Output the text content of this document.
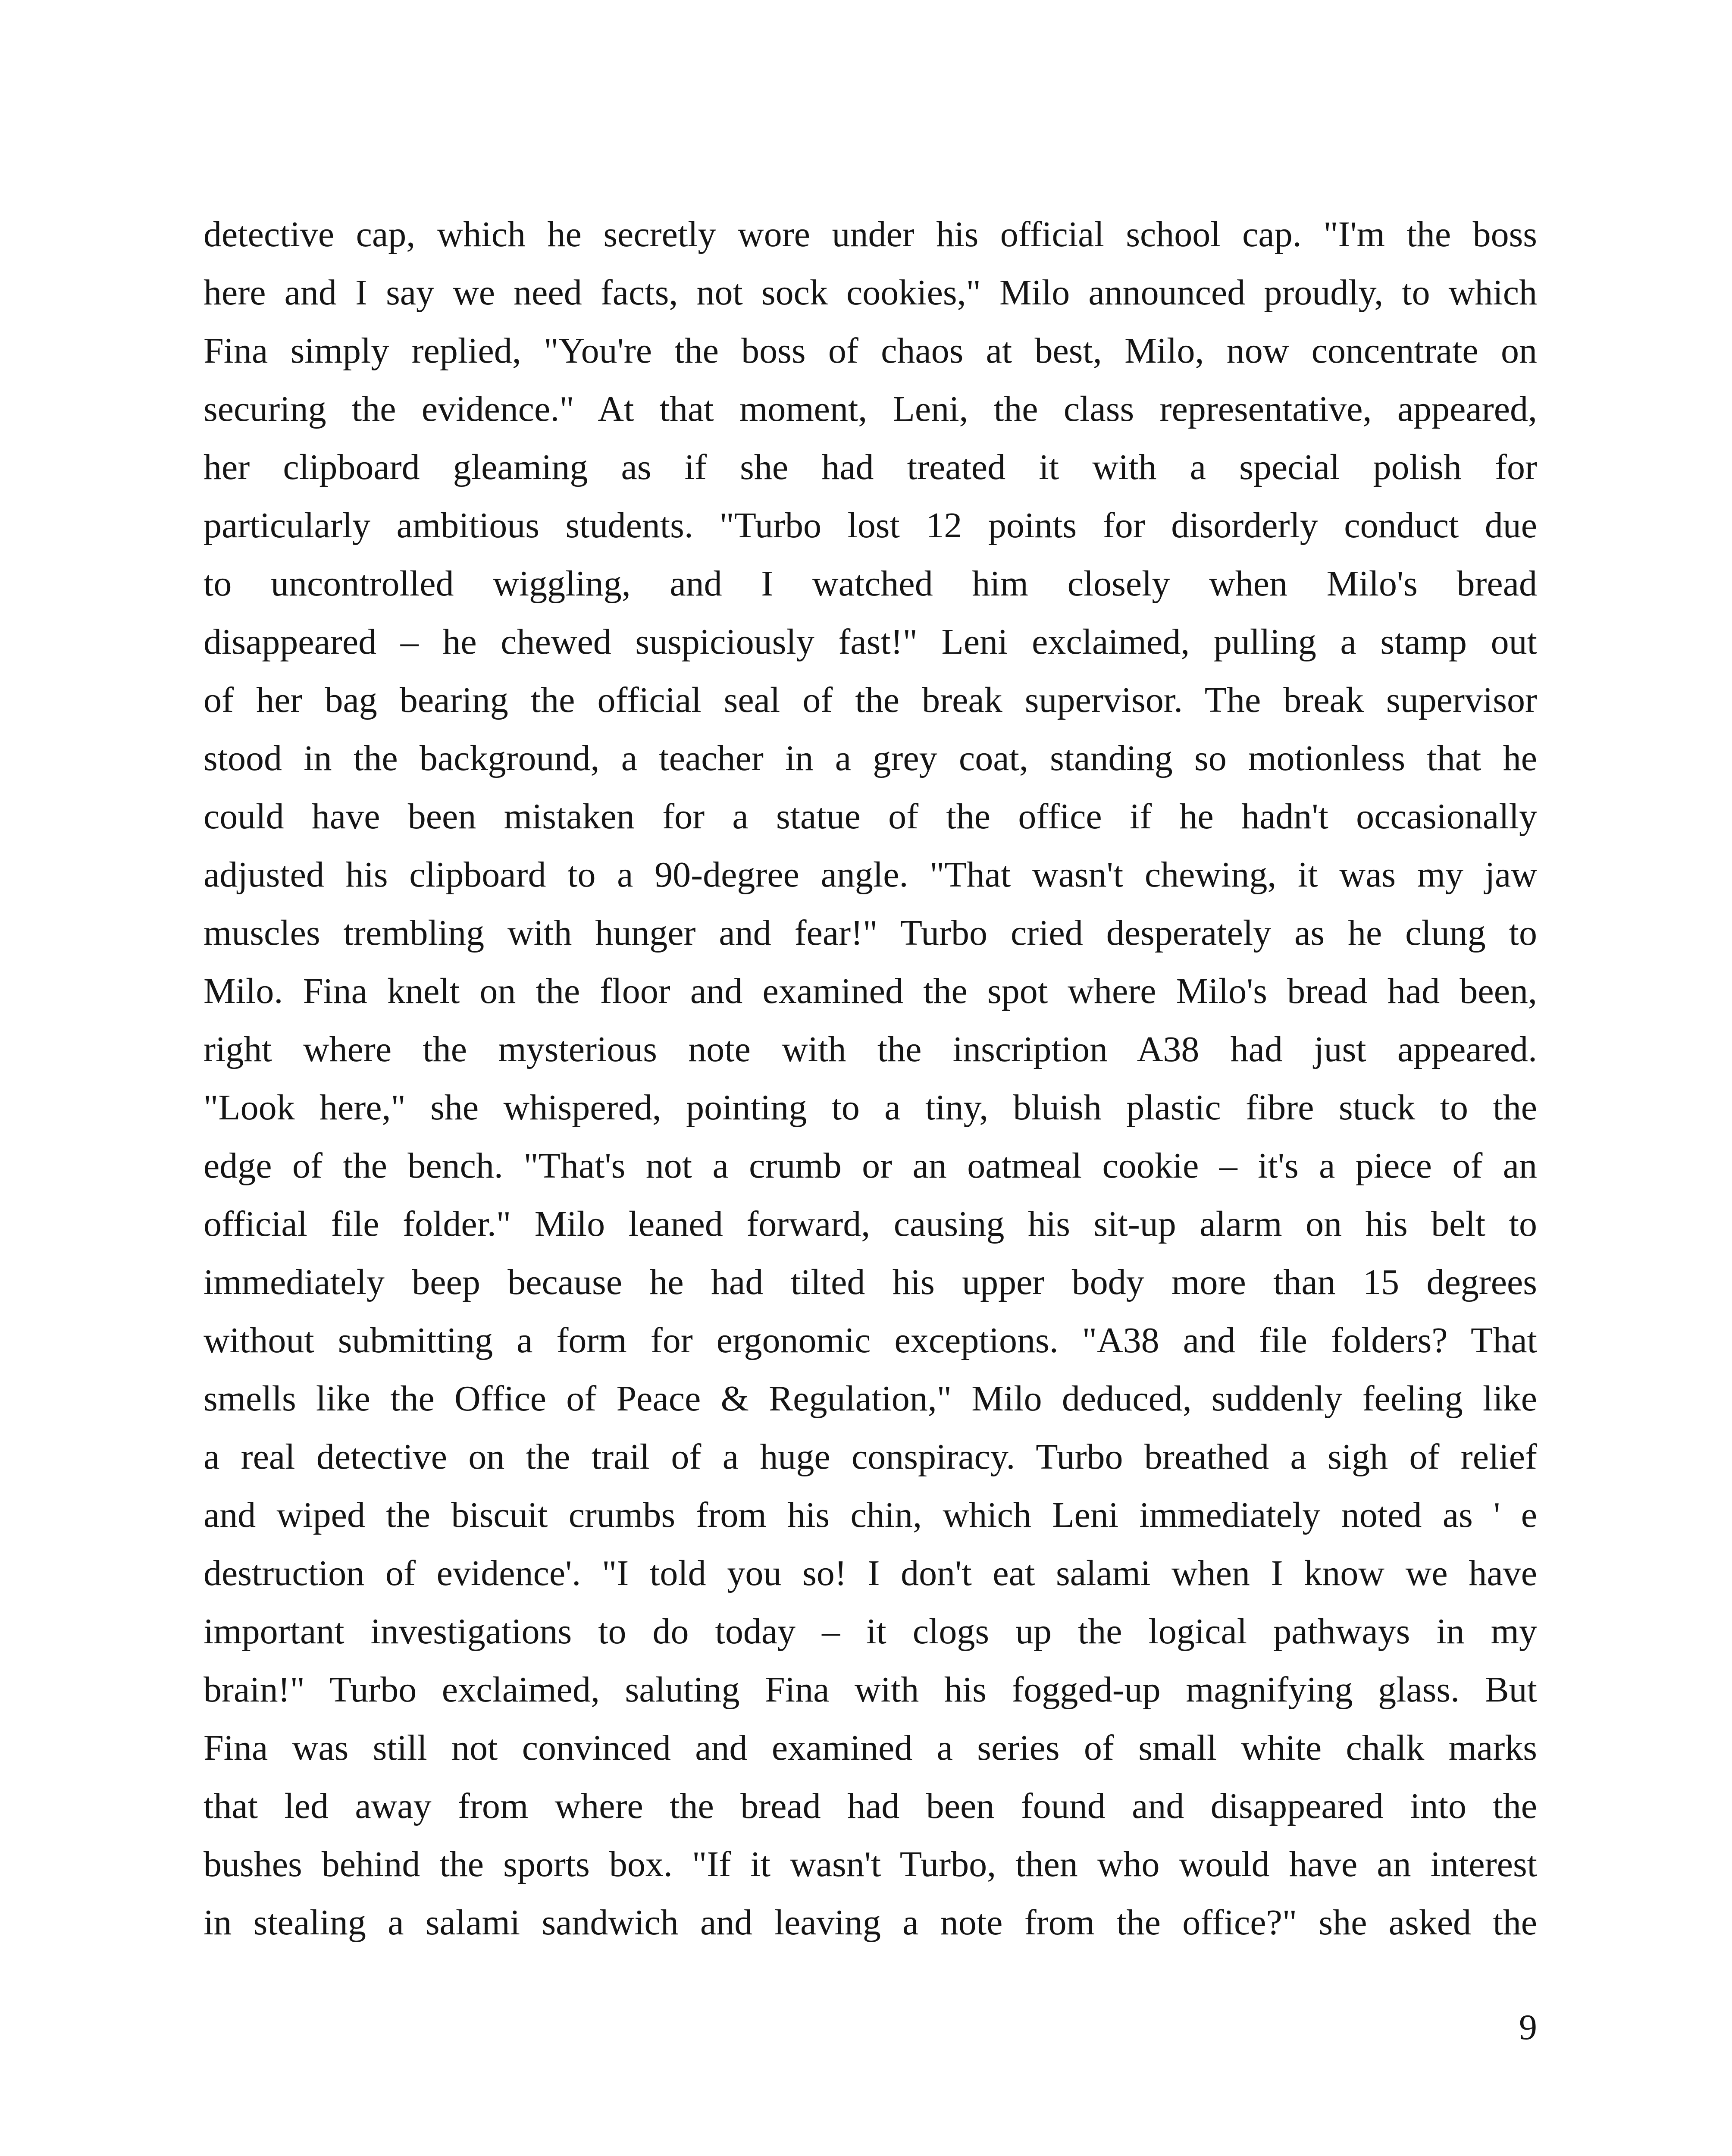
detective cap, which he secretly wore under his official school cap. "I'm the boss
here and I say we need facts, not sock cookies," Milo announced proudly, to which
Fina simply replied, "You're the boss of chaos at best, Milo, now concentrate on
securing the evidence." At that moment, Leni, the class representative, appeared,
her clipboard gleaming as if she had treated it with a special polish for
particularly ambitious students. "Turbo lost 12 points for disorderly conduct due
to uncontrolled wiggling, and I watched him closely when Milo's bread
disappeared – he chewed suspiciously fast!" Leni exclaimed, pulling a stamp out
of her bag bearing the official seal of the break supervisor. The break supervisor
stood in the background, a teacher in a grey coat, standing so motionless that he
could have been mistaken for a statue of the office if he hadn't occasionally
adjusted his clipboard to a 90-degree angle. "That wasn't chewing, it was my jaw
muscles trembling with hunger and fear!" Turbo cried desperately as he clung to
Milo. Fina knelt on the floor and examined the spot where Milo's bread had been,
right where the mysterious note with the inscription A38 had just appeared.
"Look here," she whispered, pointing to a tiny, bluish plastic fibre stuck to the
edge of the bench. "That's not a crumb or an oatmeal cookie – it's a piece of an
official file folder." Milo leaned forward, causing his sit-up alarm on his belt to
immediately beep because he had tilted his upper body more than 15 degrees
without submitting a form for ergonomic exceptions. "A38 and file folders? That
smells like the Office of Peace & Regulation," Milo deduced, suddenly feeling like
a real detective on the trail of a huge conspiracy. Turbo breathed a sigh of relief
and wiped the biscuit crumbs from his chin, which Leni immediately noted as ' e
destruction of evidence'. "I told you so! I don't eat salami when I know we have
important investigations to do today – it clogs up the logical pathways in my
brain!" Turbo exclaimed, saluting Fina with his fogged-up magnifying glass. But
Fina was still not convinced and examined a series of small white chalk marks
that led away from where the bread had been found and disappeared into the
bushes behind the sports box. "If it wasn't Turbo, then who would have an interest
in stealing a salami sandwich and leaving a note from the office?" she asked the
9
